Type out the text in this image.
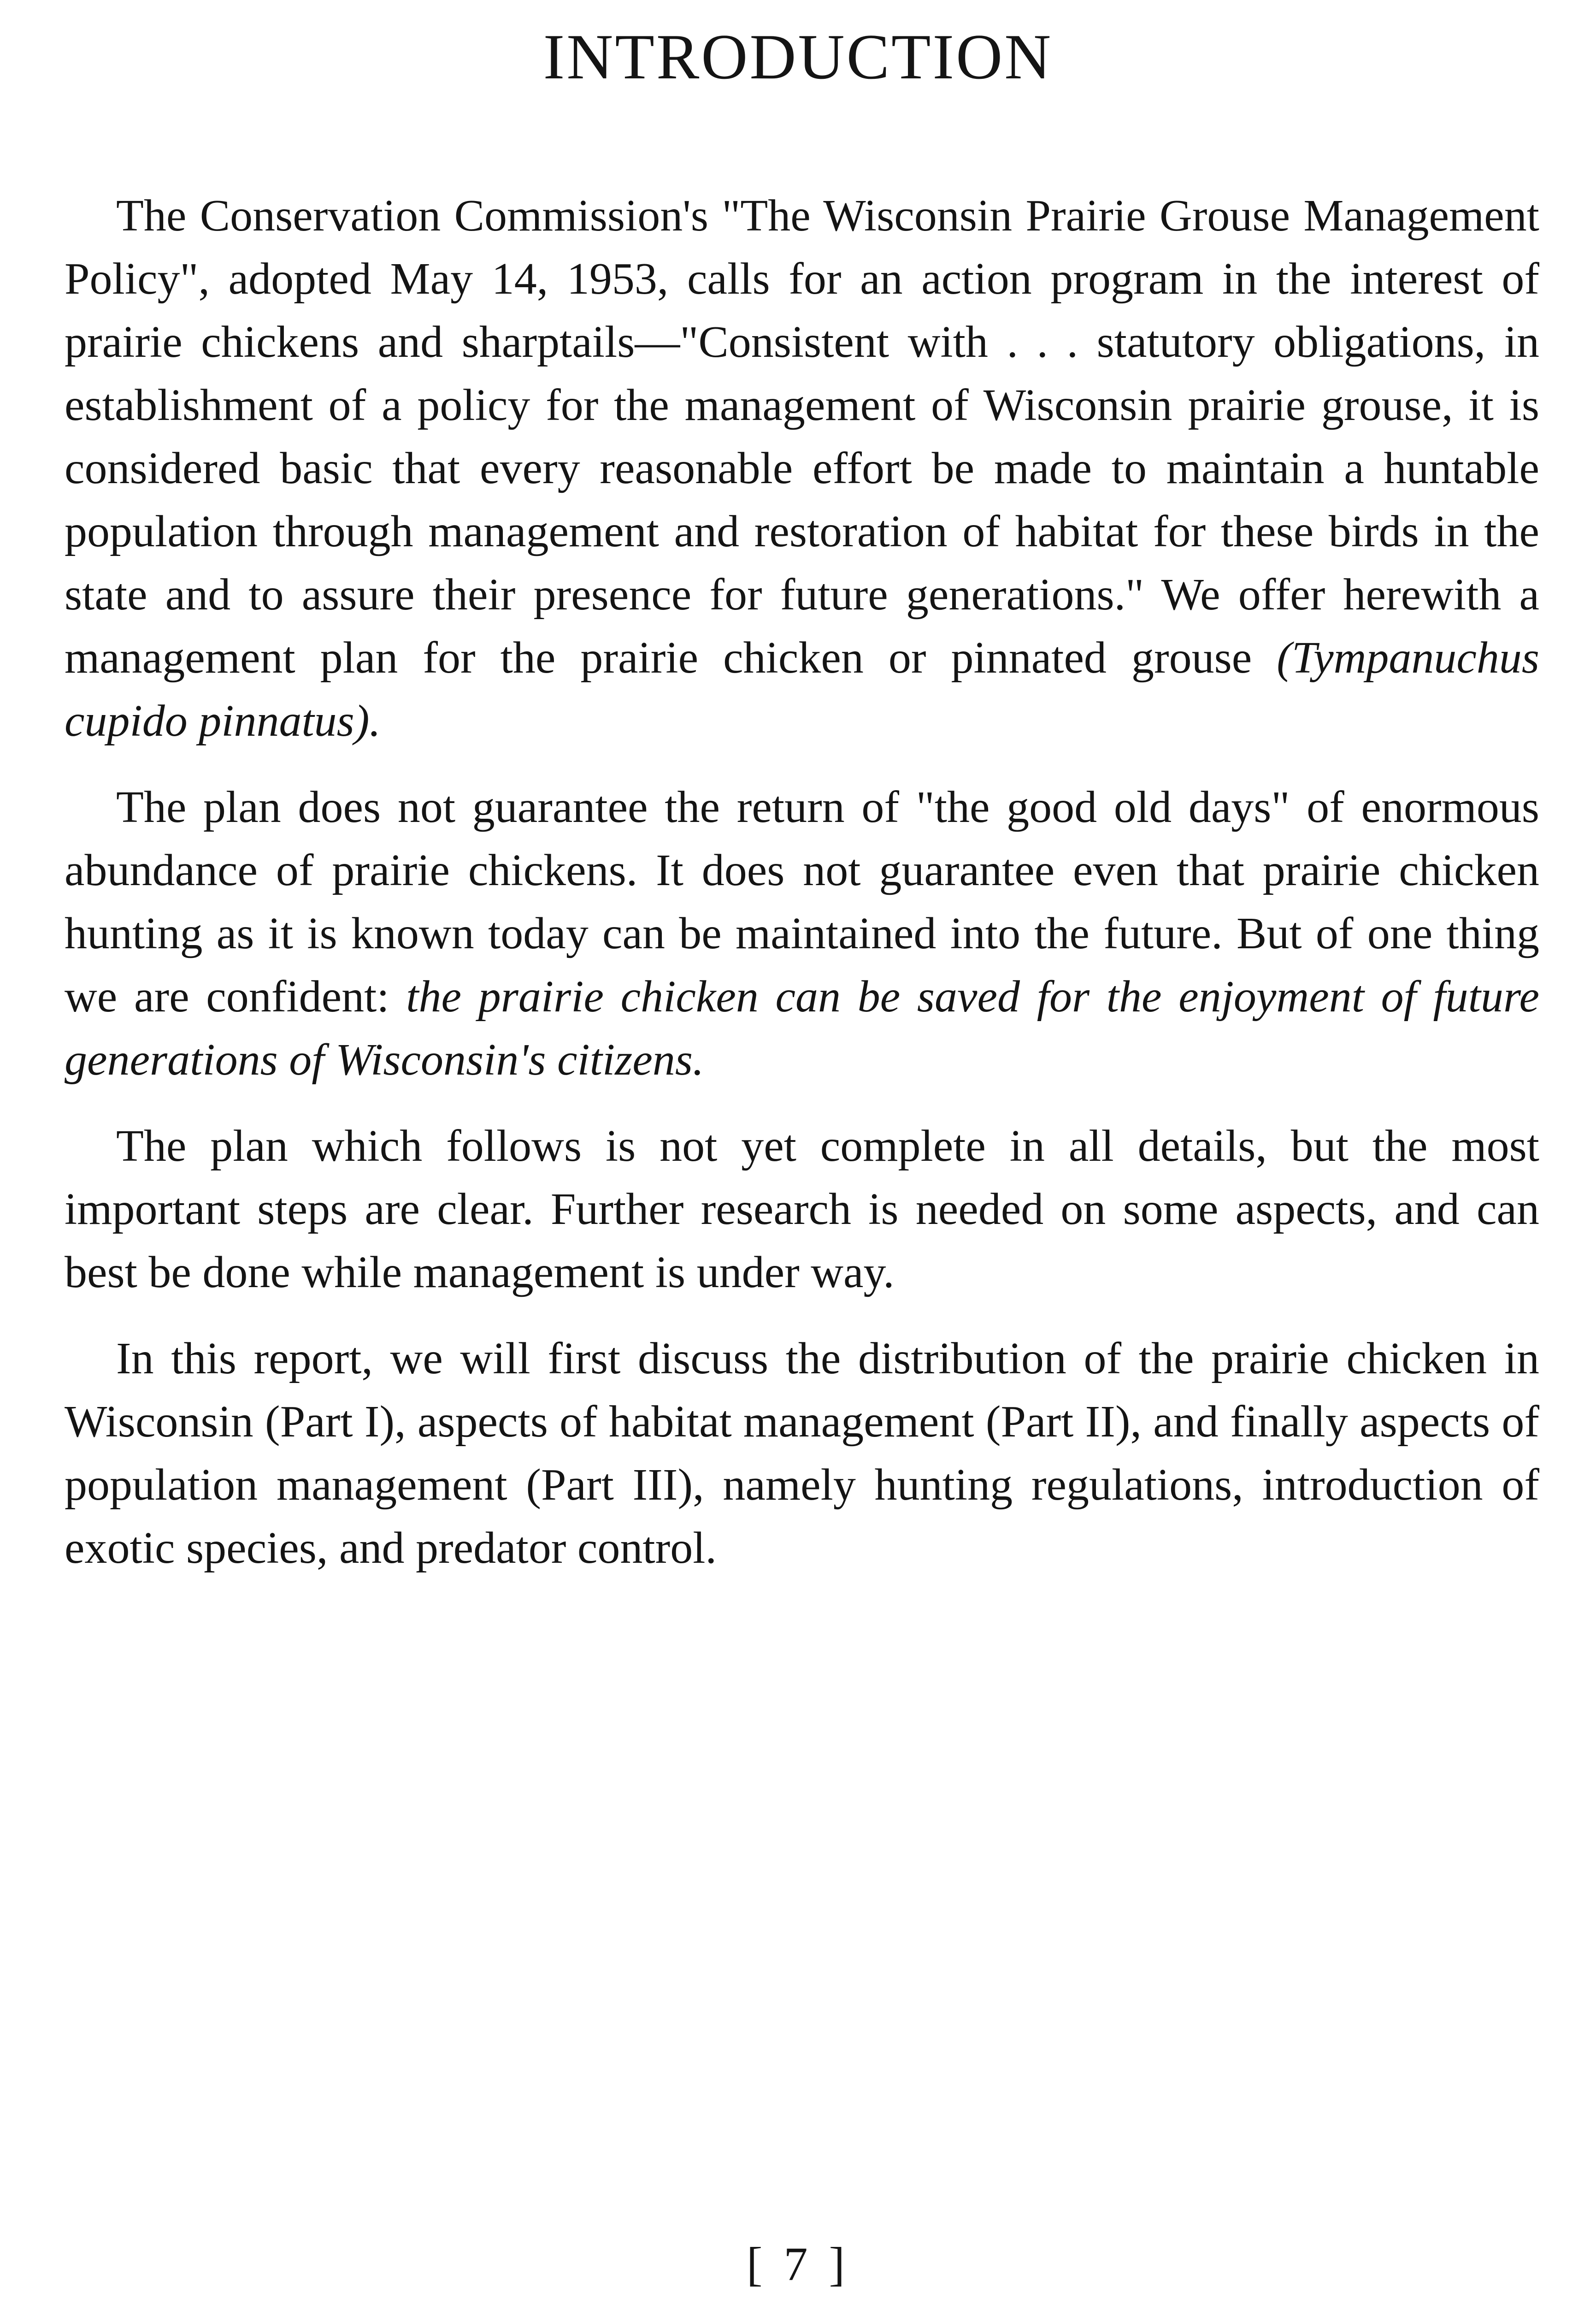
INTRODUCTION

The Conservation Commission's "The Wisconsin Prairie Grouse Management Policy", adopted May 14, 1953, calls for an action program in the interest of prairie chickens and sharptails—"Consistent with . . . statutory obligations, in establishment of a policy for the management of Wisconsin prairie grouse, it is considered basic that every reasonable effort be made to maintain a huntable population through management and restoration of habitat for these birds in the state and to assure their presence for future generations." We offer herewith a management plan for the prairie chicken or pinnated grouse (Tympanuchus cupido pinnatus).

The plan does not guarantee the return of "the good old days" of enormous abundance of prairie chickens. It does not guarantee even that prairie chicken hunting as it is known today can be maintained into the future. But of one thing we are confident: the prairie chicken can be saved for the enjoyment of future generations of Wisconsin's citizens.

The plan which follows is not yet complete in all details, but the most important steps are clear. Further research is needed on some aspects, and can best be done while management is under way.

In this report, we will first discuss the distribution of the prairie chicken in Wisconsin (Part I), aspects of habitat management (Part II), and finally aspects of population management (Part III), namely hunting regulations, introduction of exotic species, and predator control.

[ 7 ]
